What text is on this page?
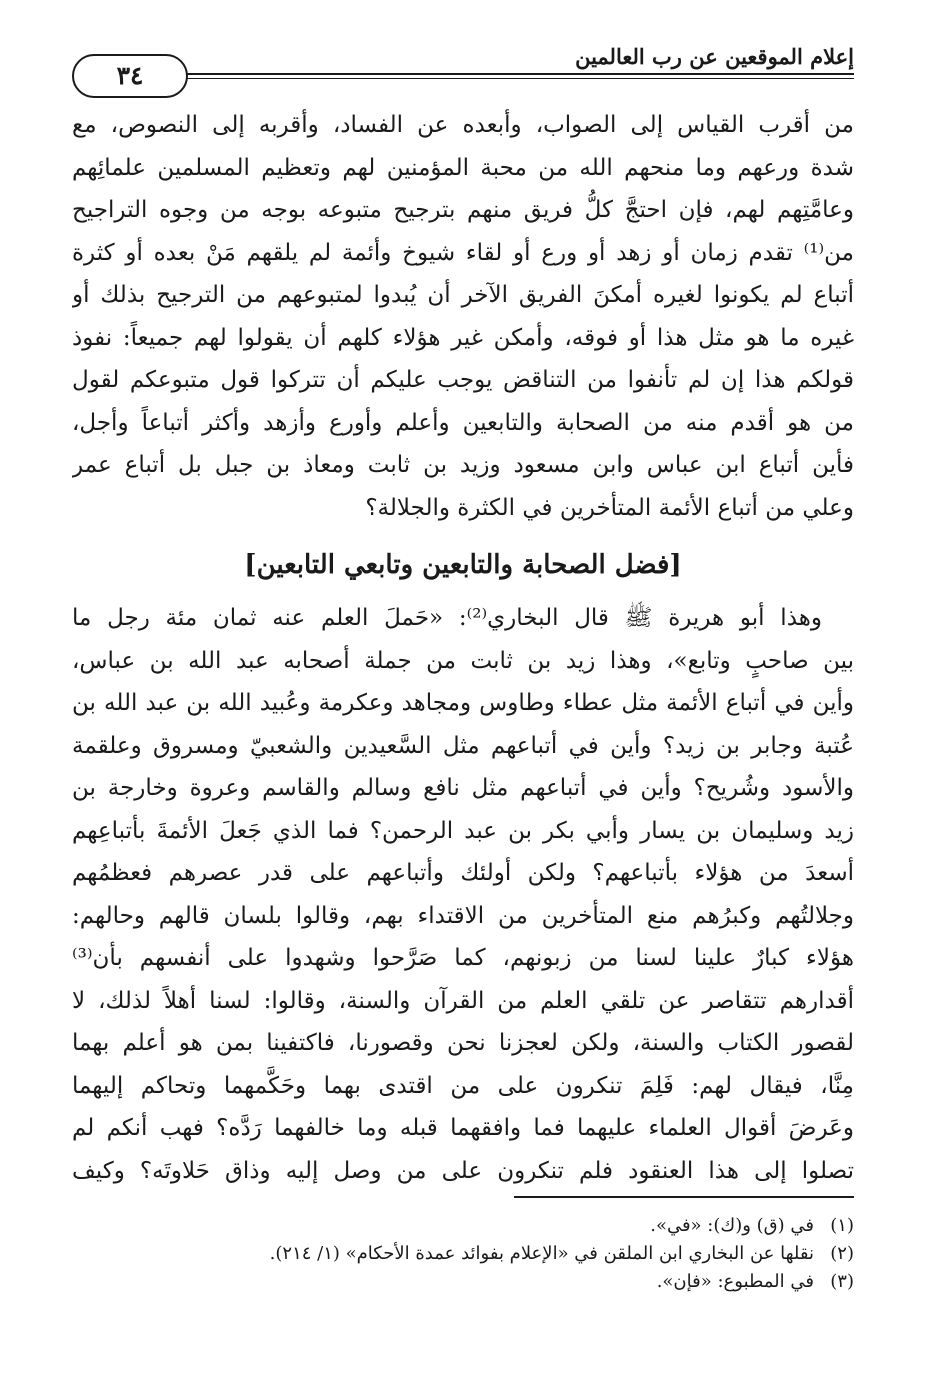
إعلام الموقعين عن رب العالمين
٣٤
من أقرب القياس إلى الصواب، وأبعده عن الفساد، وأقربه إلى النصوص، مع
شدة ورعهم وما منحهم الله من محبة المؤمنين لهم وتعظيم المسلمين علمائِهم
وعامَّتِهم لهم، فإن احتجَّ كلُّ فريق منهم بترجيح متبوعه بوجه من وجوه التراجيح
من⁽¹⁾ تقدم زمان أو زهد أو ورع أو لقاء شيوخ وأئمة لم يلقهم مَنْ بعده أو كثرة
أتباع لم يكونوا لغيره أمكنَ الفريق الآخر أن يُبدوا لمتبوعهم من الترجيح بذلك أو
غيره ما هو مثل هذا أو فوقه، وأمكن غير هؤلاء كلهم أن يقولوا لهم جميعاً: نفوذ
قولكم هذا إن لم تأنفوا من التناقض يوجب عليكم أن تتركوا قول متبوعكم لقول
من هو أقدم منه من الصحابة والتابعين وأعلم وأورع وأزهد وأكثر أتباعاً وأجل،
فأين أتباع ابن عباس وابن مسعود وزيد بن ثابت ومعاذ بن جبل بل أتباع عمر
وعلي من أتباع الأئمة المتأخرين في الكثرة والجلالة؟
[فضل الصحابة والتابعين وتابعي التابعين]
وهذا أبو هريرة ﷺ قال البخاري⁽²⁾: «حَملَ العلم عنه ثمان مئة رجل ما
بين صاحبٍ وتابع»، وهذا زيد بن ثابت من جملة أصحابه عبد الله بن عباس،
وأين في أتباع الأئمة مثل عطاء وطاوس ومجاهد وعكرمة وعُبيد الله بن عبد الله بن
عُتبة وجابر بن زيد؟ وأين في أتباعهم مثل السَّعيدين والشعبيّ ومسروق وعلقمة
والأسود وشُريح؟ وأين في أتباعهم مثل نافع وسالم والقاسم وعروة وخارجة بن
زيد وسليمان بن يسار وأبي بكر بن عبد الرحمن؟ فما الذي جَعلَ الأئمةَ بأتباعِهم
أسعدَ من هؤلاء بأتباعهم؟ ولكن أولئك وأتباعهم على قدر عصرهم فعظمُهم
وجلالتُهم وكبرُهم منع المتأخرين من الاقتداء بهم، وقالوا بلسان قالهم وحالهم:
هؤلاء كبارٌ علينا لسنا من زبونهم، كما صَرَّحوا وشهدوا على أنفسهم بأن⁽³⁾
أقدارهم تتقاصر عن تلقي العلم من القرآن والسنة، وقالوا: لسنا أهلاً لذلك، لا
لقصور الكتاب والسنة، ولكن لعجزنا نحن وقصورنا، فاكتفينا بمن هو أعلم بهما
مِنَّا، فيقال لهم: فَلِمَ تنكرون على من اقتدى بهما وحَكَّمهما وتحاكم إليهما
وعَرضَ أقوال العلماء عليهما فما وافقهما قبله وما خالفهما رَدَّه؟ فهب أنكم لم
تصلوا إلى هذا العنقود فلم تنكرون على من وصل إليه وذاق حَلاوتَه؟ وكيف
(١)في (ق) و(ك): «في».
(٢)نقلها عن البخاري ابن الملقن في «الإعلام بفوائد عمدة الأحكام» (١/ ٢١٤).
(٣)في المطبوع: «فإن».
